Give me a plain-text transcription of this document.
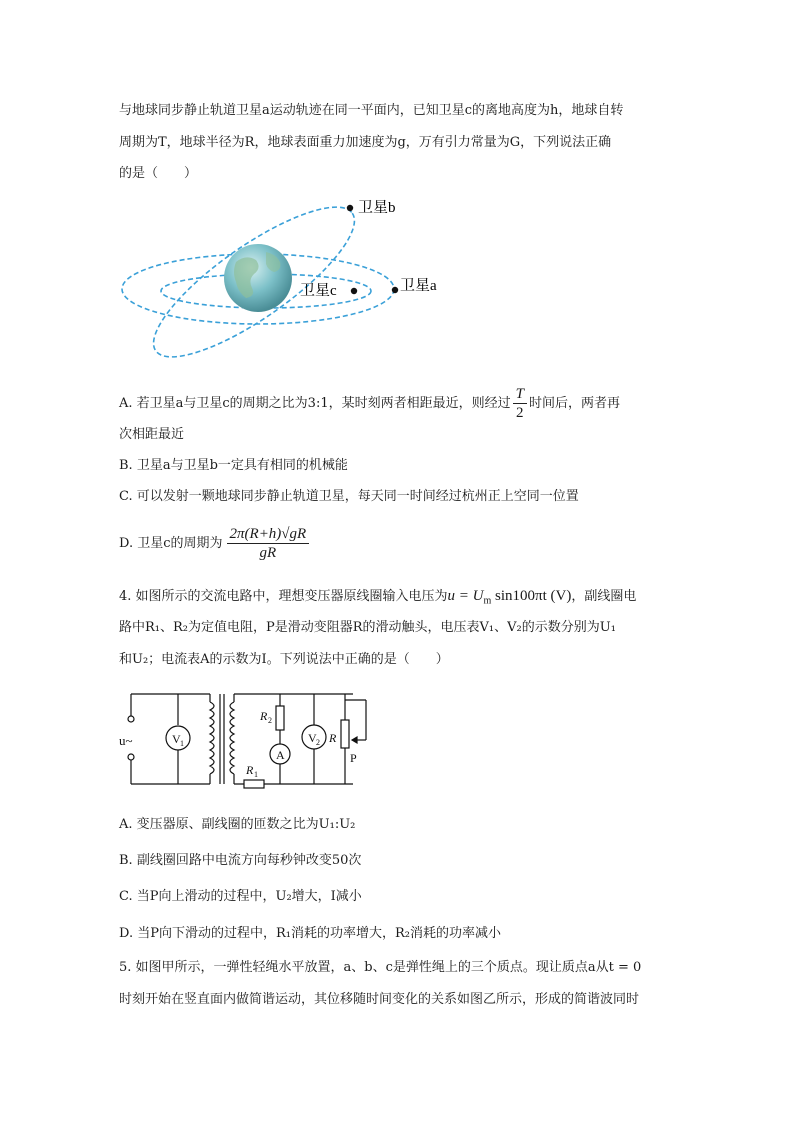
与地球同步静止轨道卫星a运动轨迹在同一平面内，已知卫星c的离地高度为h，地球自转
周期为T，地球半径为R，地球表面重力加速度为g，万有引力常量为G，下列说法正确
的是（　　）
卫星b
卫星c	卫星a
A. 若卫星a与卫星c的周期之比为3:1，某时刻两者相距最近，则经过 $\frac{T}{2}$ 时间后，两者再
次相距最近
B. 卫星a与卫星b一定具有相同的机械能
C. 可以发射一颗地球同步静止轨道卫星，每天同一时间经过杭州正上空同一位置
D. 卫星c的周期为 $\frac{2\pi(R+h)√gR}{gR}$
4. 如图所示的交流电路中，理想变压器原线圈输入电压为$u = U_m$ sin100πt (V)，副线圈电
路中R₁、R₂为定值电阻，P是滑动变阻器R的滑动触头，电压表V₁、V₂的示数分别为U₁
和U₂；电流表A的示数为I。下列说法中正确的是（　　）
u~	V 1
R 1
R 2
A
V 2 R
P
A. 变压器原、副线圈的匝数之比为U₁:U₂
B. 副线圈回路中电流方向每秒钟改变50次
C. 当P向上滑动的过程中，U₂增大，I减小
D. 当P向下滑动的过程中，R₁消耗的功率增大，R₂消耗的功率减小
5. 如图甲所示，一弹性轻绳水平放置，a、b、c是弹性绳上的三个质点。现让质点a从t = 0
时刻开始在竖直面内做简谐运动，其位移随时间变化的关系如图乙所示，形成的简谐波同时
